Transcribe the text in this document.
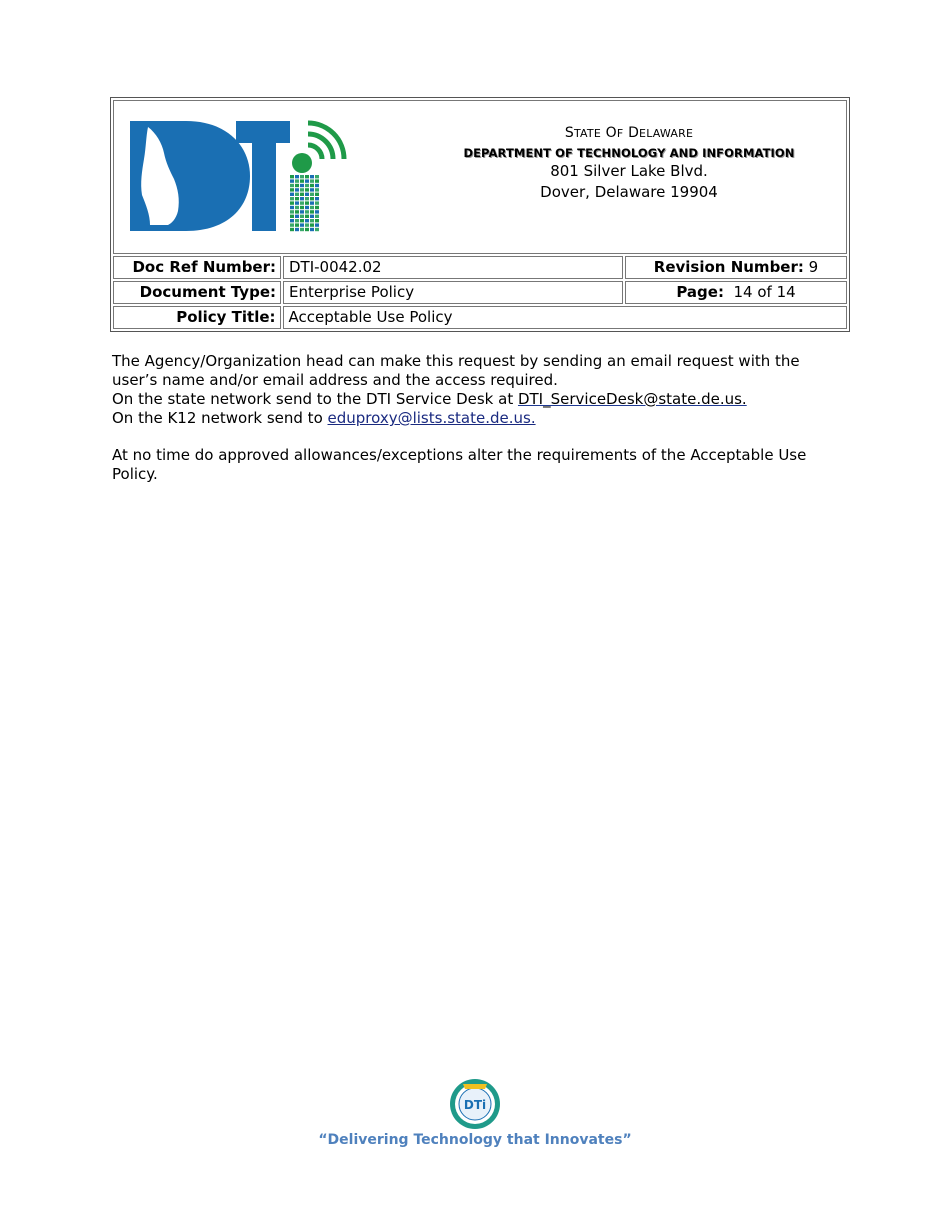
STATE OF DELAWARE
DEPARTMENT OF TECHNOLOGY AND INFORMATION
801 Silver Lake Blvd.
Dover, Delaware 19904
Doc Ref Number: DTI-0042.02	Revision Number: 9
Document Type: Enterprise Policy	Page: 14 of 14
Policy Title: Acceptable Use Policy

The Agency/Organization head can make this request by sending an email request with the user’s name and/or email address and the access required.

On the state network send to the DTI Service Desk at DTI_ServiceDesk@state.de.us.

On the K12 network send to eduproxy@lists.state.de.us.

At no time do approved allowances/exceptions alter the requirements of the Acceptable Use Policy.

DTi
“Delivering Technology that Innovates”
